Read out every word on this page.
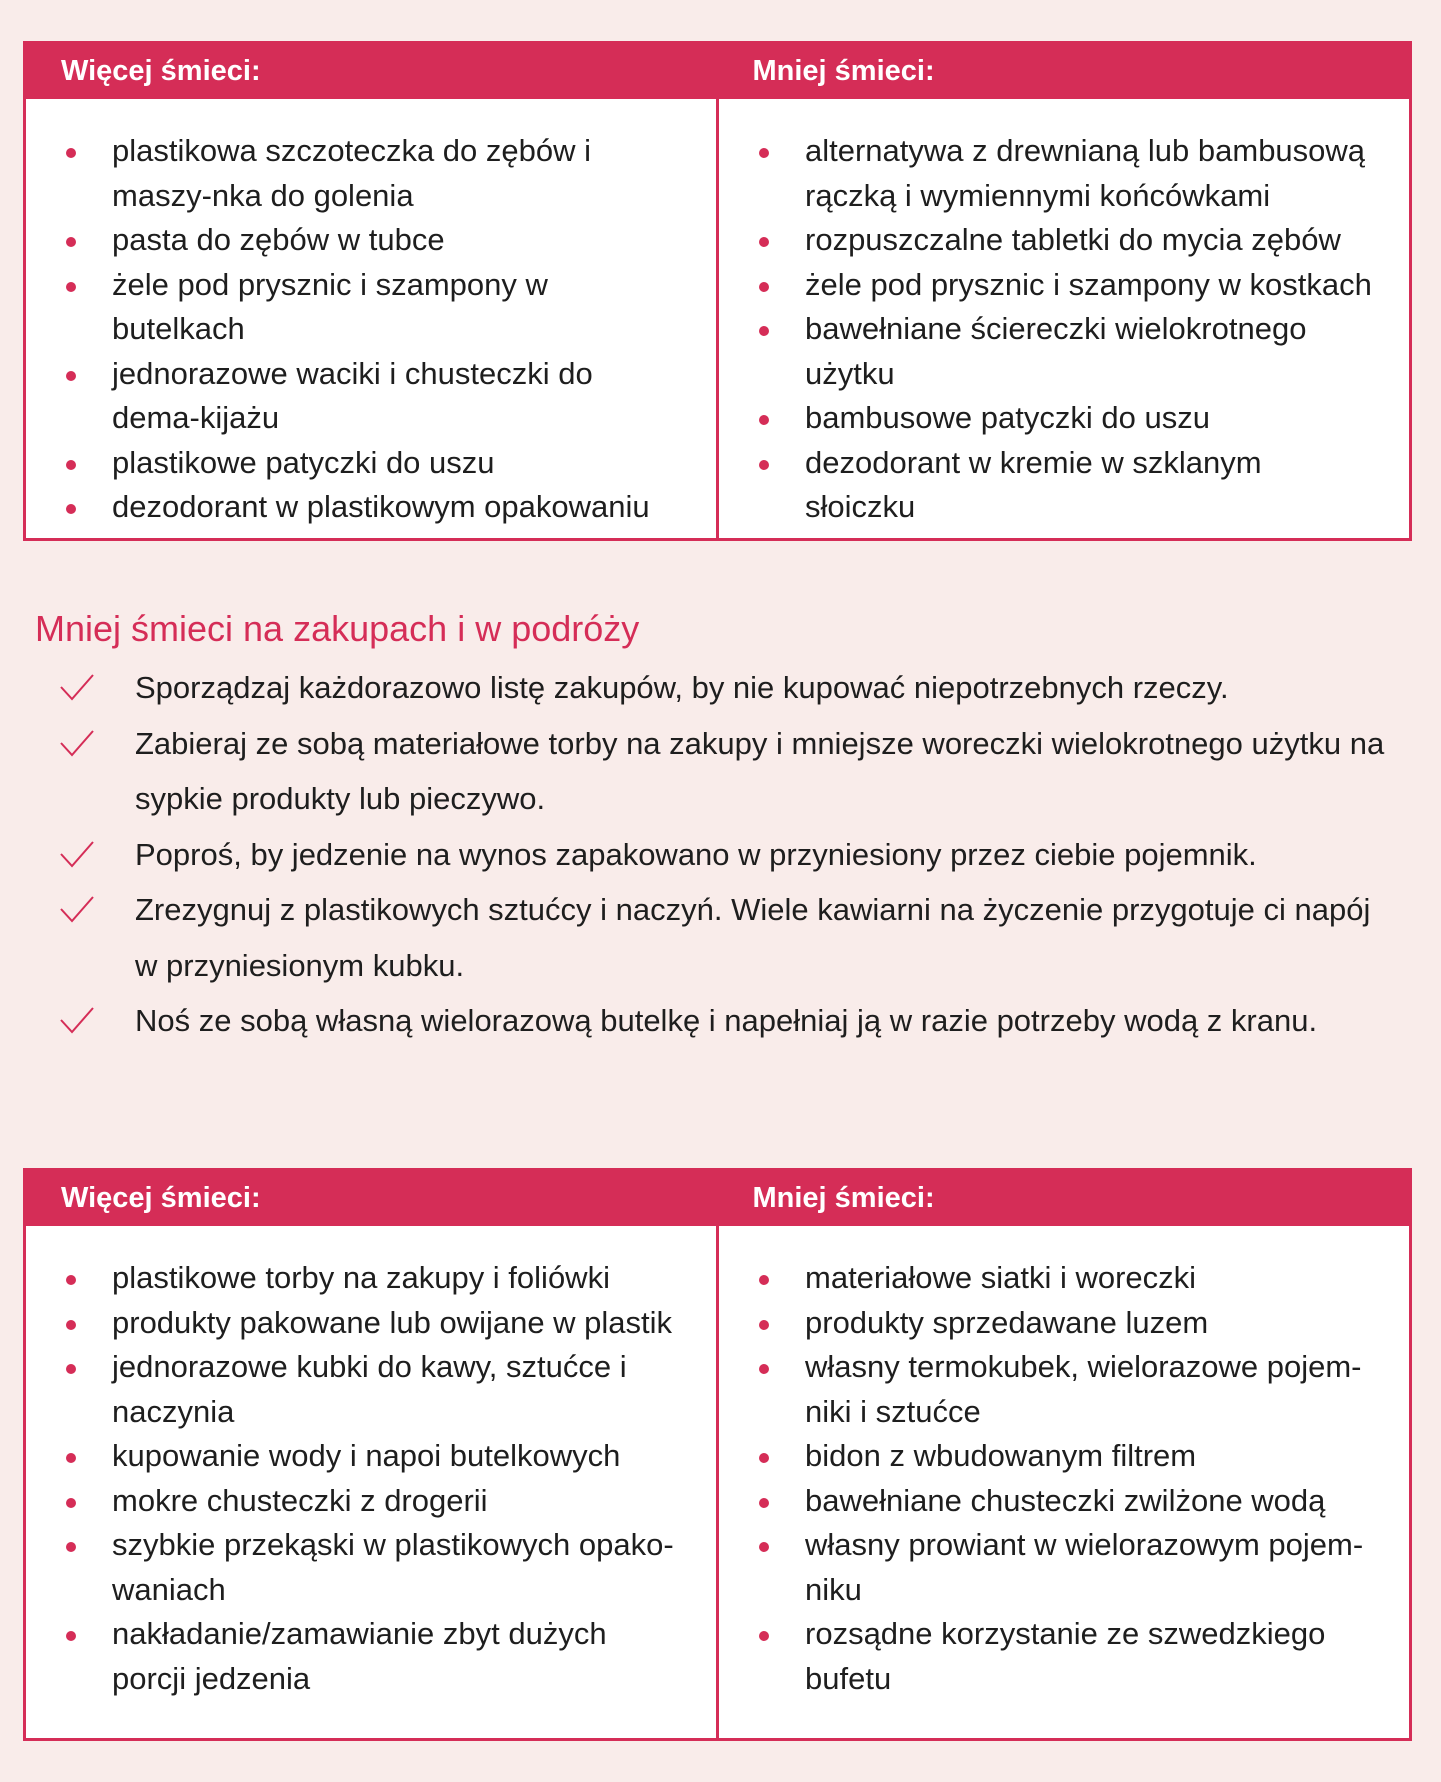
Więcej śmieci:	Mniej śmieci:
plastikowa szczoteczka do zębów i maszy-nka do golenia
pasta do zębów w tubce
żele pod prysznic i szampony w butelkach
jednorazowe waciki i chusteczki do dema-kijażu
plastikowe patyczki do uszu
dezodorant w plastikowym opakowaniu
alternatywa z drewnianą lub bambusową rączką i wymiennymi końcówkami
rozpuszczalne tabletki do mycia zębów
żele pod prysznic i szampony w kostkach
bawełniane ściereczki wielokrotnego użytku
bambusowe patyczki do uszu
dezodorant w kremie w szklanym słoiczku
Mniej śmieci na zakupach i w podróży
Sporządzaj każdorazowo listę zakupów, by nie kupować niepotrzebnych rzeczy.
Zabieraj ze sobą materiałowe torby na zakupy i mniejsze woreczki wielokrotnego użytku na sypkie produkty lub pieczywo.
Poproś, by jedzenie na wynos zapakowano w przyniesiony przez ciebie pojemnik.
Zrezygnuj z plastikowych sztućcy i naczyń. Wiele kawiarni na życzenie przygotuje ci napój w przyniesionym kubku.
Noś ze sobą własną wielorazową butelkę i napełniaj ją w razie potrzeby wodą z kranu.
Więcej śmieci:	Mniej śmieci:
plastikowe torby na zakupy i foliówki
produkty pakowane lub owijane w plastik
jednorazowe kubki do kawy, sztućce i naczynia
kupowanie wody i napoi butelkowych
mokre chusteczki z drogerii
szybkie przekąski w plastikowych opako-waniach
nakładanie/zamawianie zbyt dużych porcji jedzenia
materiałowe siatki i woreczki
produkty sprzedawane luzem
własny termokubek, wielorazowe pojem-niki i sztućce
bidon z wbudowanym filtrem
bawełniane chusteczki zwilżone wodą
własny prowiant w wielorazowym pojem-niku
rozsądne korzystanie ze szwedzkiego bufetu
